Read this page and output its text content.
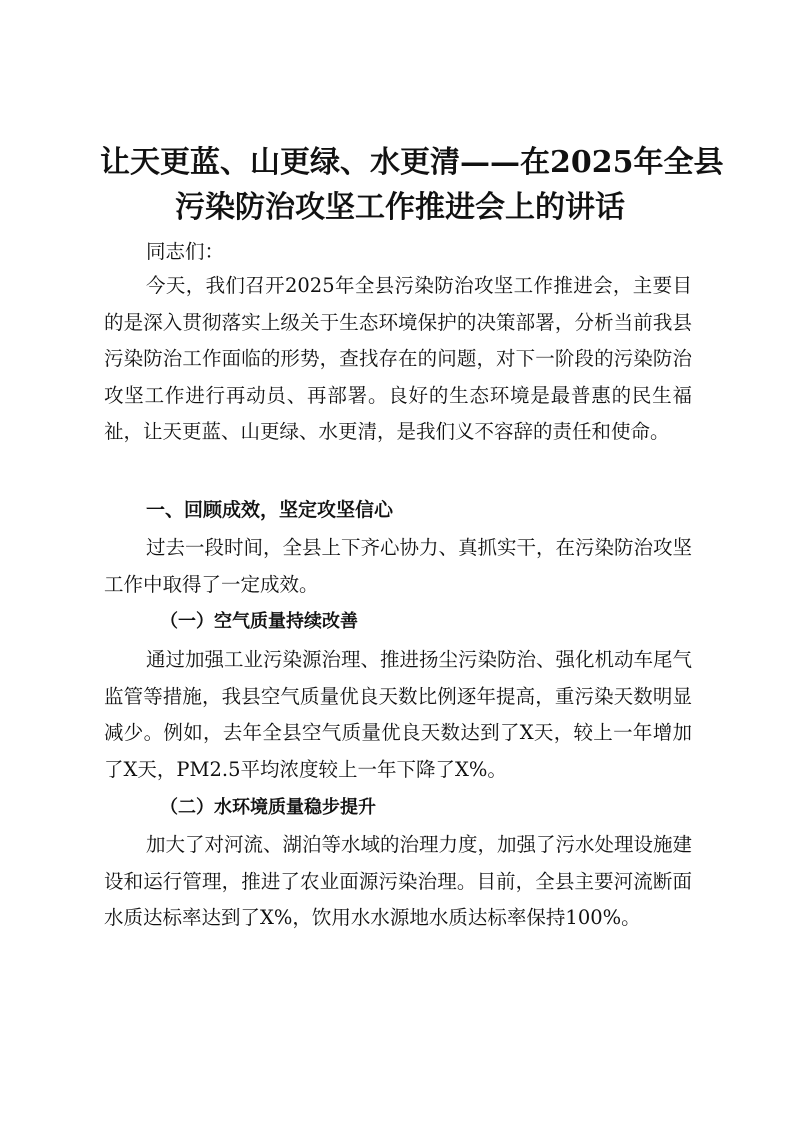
让天更蓝、山更绿、水更清——在2025年全县
污染防治攻坚工作推进会上的讲话

同志们：

今天，我们召开2025年全县污染防治攻坚工作推进会，主要目的是深入贯彻落实上级关于生态环境保护的决策部署，分析当前我县污染防治工作面临的形势，查找存在的问题，对下一阶段的污染防治攻坚工作进行再动员、再部署。良好的生态环境是最普惠的民生福祉，让天更蓝、山更绿、水更清，是我们义不容辞的责任和使命。

一、回顾成效，坚定攻坚信心

过去一段时间，全县上下齐心协力、真抓实干，在污染防治攻坚工作中取得了一定成效。

（一）空气质量持续改善

通过加强工业污染源治理、推进扬尘污染防治、强化机动车尾气监管等措施，我县空气质量优良天数比例逐年提高，重污染天数明显减少。例如，去年全县空气质量优良天数达到了X天，较上一年增加了X天，PM2.5平均浓度较上一年下降了X%。

（二）水环境质量稳步提升

加大了对河流、湖泊等水域的治理力度，加强了污水处理设施建设和运行管理，推进了农业面源污染治理。目前，全县主要河流断面水质达标率达到了X%，饮用水水源地水质达标率保持100%。
